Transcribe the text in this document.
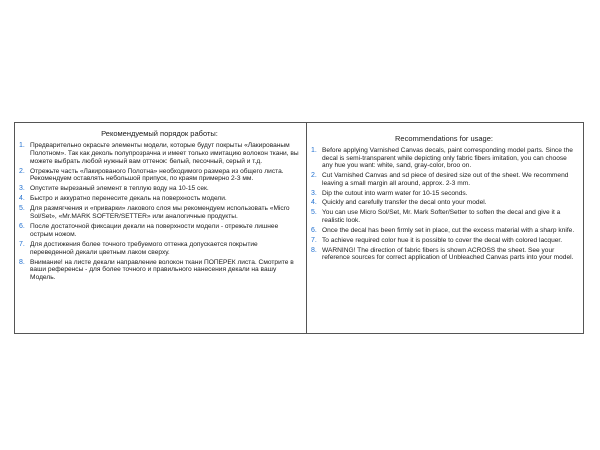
Рекомендуемый порядок работы:
1. Предварительно окрасьте элементы модели, которые будут покрыты «Лакированым Полотном». Так как деколь полупрозрачна и имеет только имитацию волокон ткани, вы можете выбрать любой нужный вам оттенок: белый, песочный, серый и т.д.
2. Отрежьте часть «Лакированого Полотна» необходимого размера из общего листа. Рекомендуем оставлять небольшой припуск, по краям примерно 2-3 мм.
3. Опустите вырезаный элемент в теплую воду на 10-15 сек.
4. Быстро и аккуратно перенесите декаль на поверхность модели.
5. Для размягчения и «приварки» лакового слоя мы рекомендуем использовать «Micro Sol/Set», «Mr.MARK SOFTER/SETTER» или аналогичные продукты.
6. После достаточной фиксации декали на поверхности модели - отрежьте лишнее острым ножом.
7. Для достижения более точного требуемого оттенка допускается покрытие переведенной декали цветным лаком сверху.
8. Внимание! на листе декали направление волокон ткани ПОПЕРЕК листа. Смотрите в ваши референсы - для более точного и правильного нанесения декали на вашу Модель.
Recommendations for usage:
1. Before applying Varnished Canvas decals, paint corresponding model parts. Since the decal is semi-transparent while depicting only fabric fibers imitation, you can choose any hue you want: white, sand, gray-color, broo on.
2. Cut Varnished Canvas and sd piece of desired size out of the sheet. We recommend leaving a small margin all around, approx. 2-3 mm.
3. Dip the cutout into warm water for 10-15 seconds.
4. Quickly and carefully transfer the decal onto your model.
5. You can use Micro Sol/Set, Mr. Mark Softer/Setter to soften the decal and give it a realistic look.
6. Once the decal has been firmly set in place, cut the excess material with a sharp knife.
7. To achieve required color hue it is possible to cover the decal with colored lacquer.
8. WARNING! The direction of fabric fibers is shown ACROSS the sheet. See your reference sources for correct application of Unbleached Canvas parts into your model.
